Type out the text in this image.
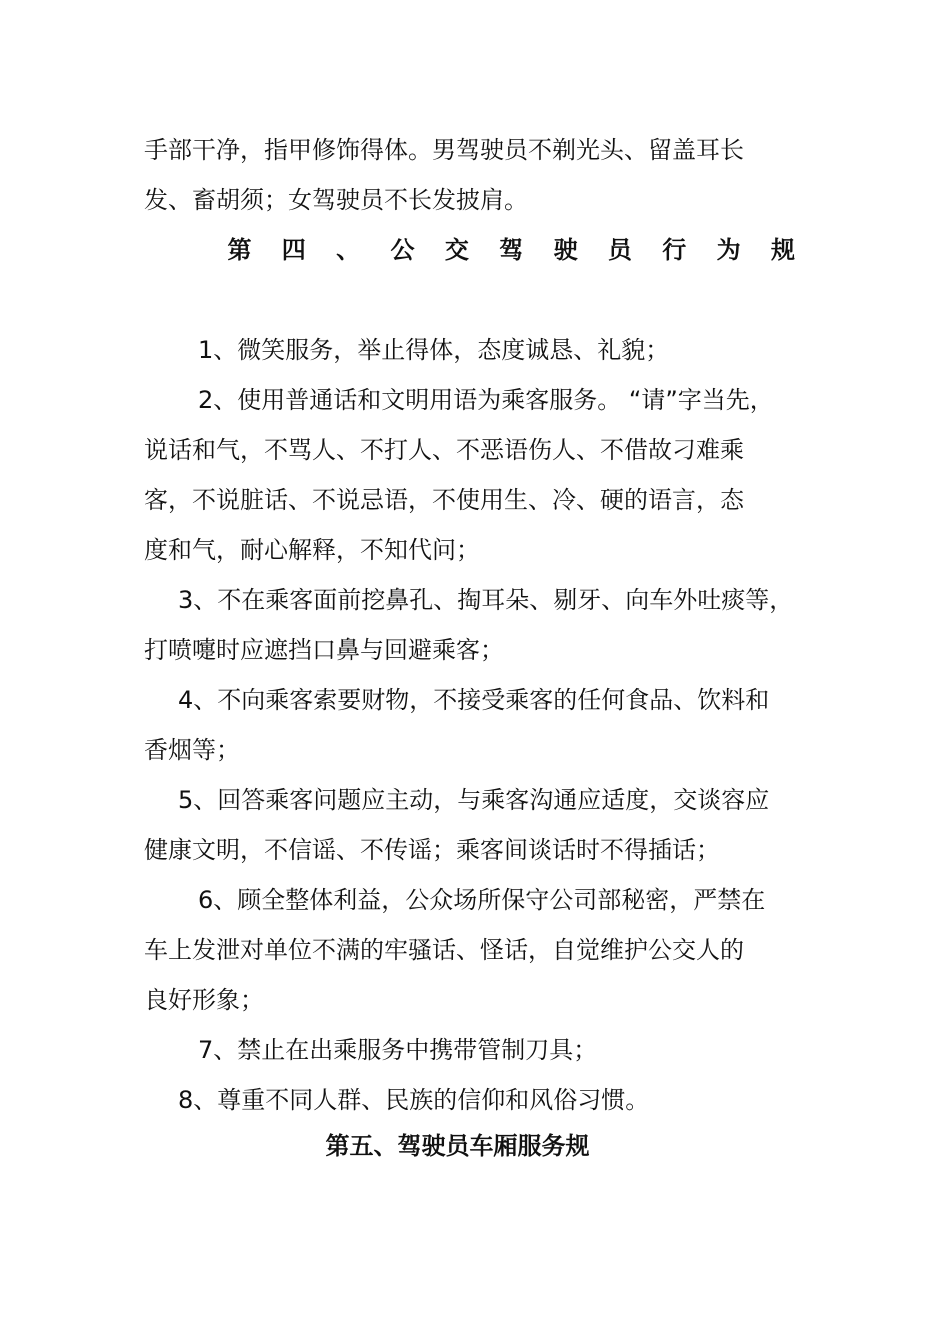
手部干净，指甲修饰得体。男驾驶员不剃光头、留盖耳长
发、畜胡须；女驾驶员不长发披肩。
第 四 、 公 交 驾 驶 员 行 为 规
1、微笑服务，举止得体，态度诚恳、礼貌；
2、使用普通话和文明用语为乘客服务。 “请”字当先，
说话和气，不骂人、不打人、不恶语伤人、不借故刁难乘
客，不说脏话、不说忌语，不使用生、冷、硬的语言，态
度和气，耐心解释，不知代问；
3、不在乘客面前挖鼻孔、掏耳朵、剔牙、向车外吐痰等，
打喷嚏时应遮挡口鼻与回避乘客；
4、不向乘客索要财物，不接受乘客的任何食品、饮料和
香烟等；
5、回答乘客问题应主动，与乘客沟通应适度，交谈容应
健康文明，不信谣、不传谣；乘客间谈话时不得插话；
6、顾全整体利益，公众场所保守公司部秘密，严禁在
车上发泄对单位不满的牢骚话、怪话，自觉维护公交人的
良好形象；
7、禁止在出乘服务中携带管制刀具；
8、尊重不同人群、民族的信仰和风俗习惯。
第五、驾驶员车厢服务规
